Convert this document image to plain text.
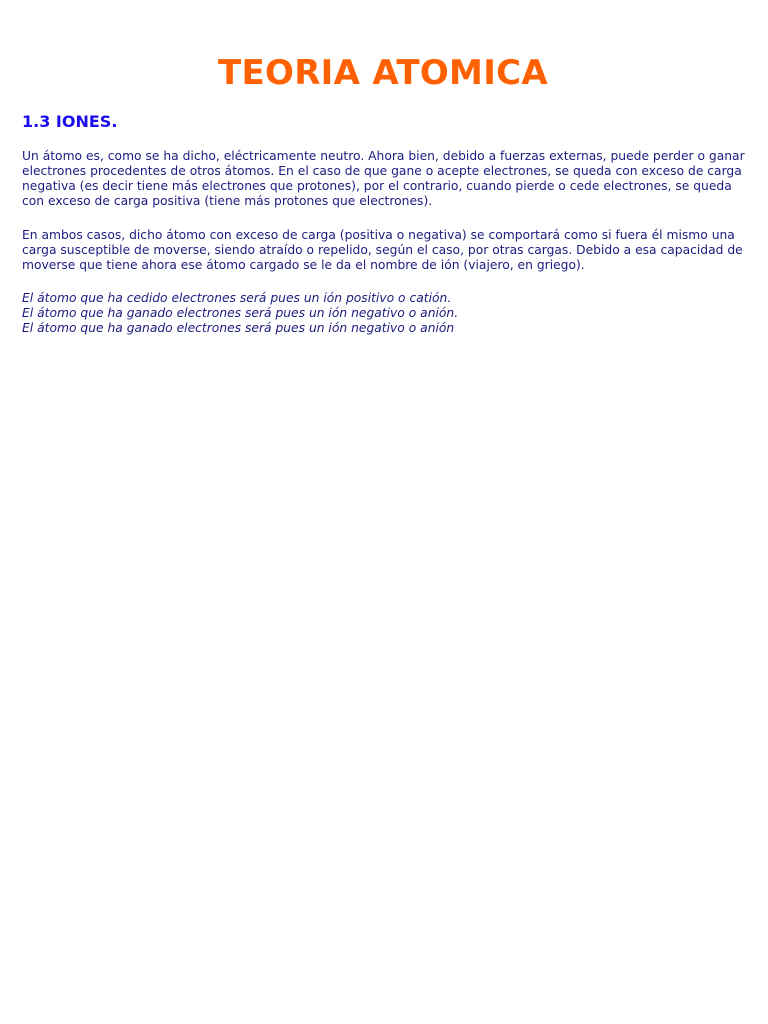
TEORIA ATOMICA
1.3 IONES.

Un átomo es, como se ha dicho, eléctricamente neutro. Ahora bien, debido a fuerzas externas, puede perder o ganar electrones procedentes de otros átomos. En el caso de que gane o acepte electrones, se queda con exceso de carga negativa (es decir tiene más electrones que protones), por el contrario, cuando pierde o cede electrones, se queda con exceso de carga positiva (tiene más protones que electrones).

En ambos casos, dicho átomo con exceso de carga (positiva o negativa) se comportará como si fuera él mismo una carga susceptible de moverse, siendo atraído o repelido, según el caso, por otras cargas. Debido a esa capacidad de moverse que tiene ahora ese átomo cargado se le da el nombre de ión (viajero, en griego).

El átomo que ha cedido electrones será pues un ión positivo o catión.
El átomo que ha ganado electrones será pues un ión negativo o anión.
El átomo que ha ganado electrones será pues un ión negativo o anión
